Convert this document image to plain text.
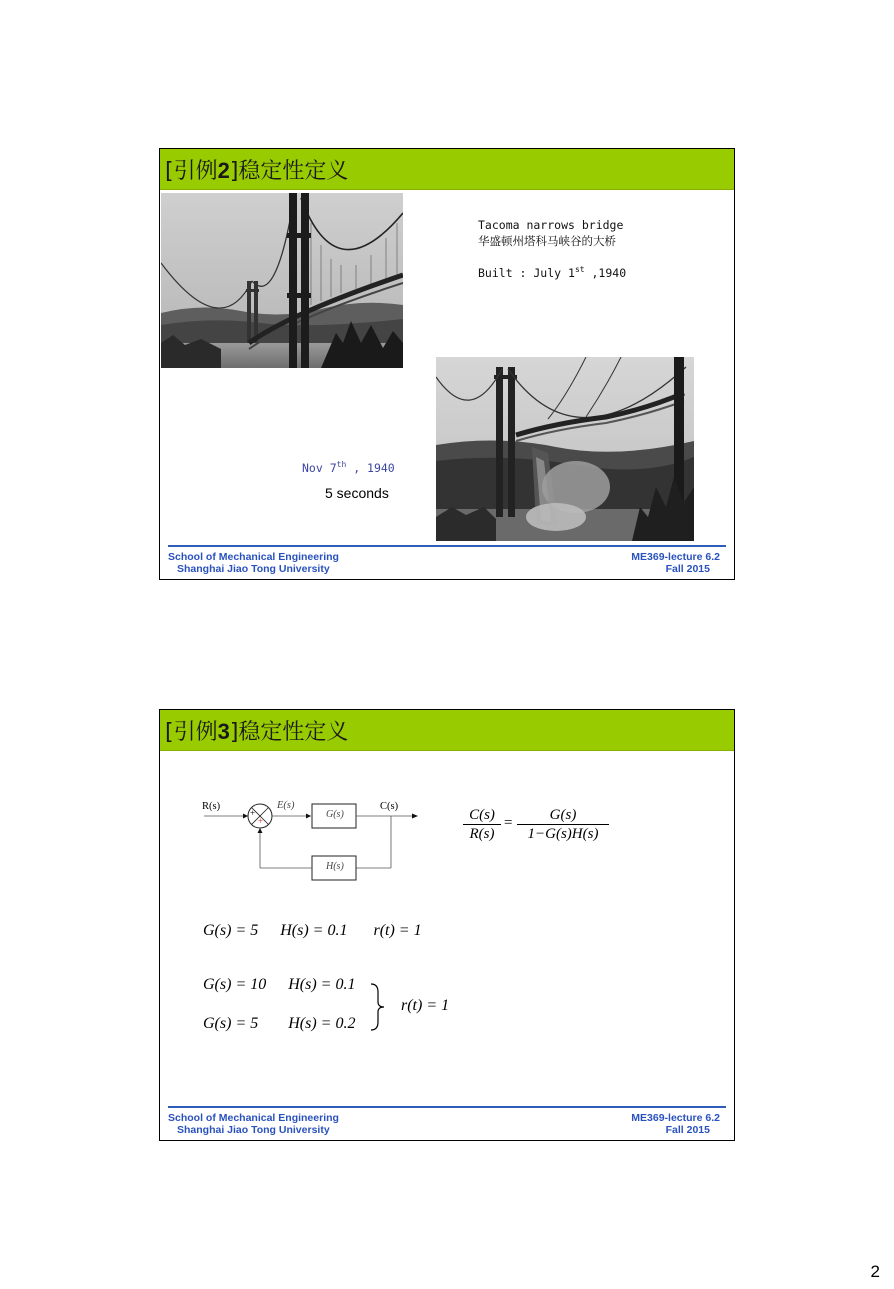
[引例2]稳定性定义
Tacoma narrows bridge
华盛顿州塔科马峡谷的大桥
Built : July 1st ,1940
Nov 7th , 1940
5 seconds
School of Mechanical Engineering
Shanghai Jiao Tong University
ME369-lecture 6.2
Fall 2015
[引例3]稳定性定义
R(s)	E(s)
+
+
G(s)
C(s)
H(s)
$\frac{C(s)}{R(s)} = \frac{G(s)}{1-G(s)H(s)}$
G(s) = 5 H(s) = 0.1 r(t) = 1
G(s) = 10 H(s) = 0.1
G(s) = 5 H(s) = 0.2
r(t) = 1
School of Mechanical Engineering
Shanghai Jiao Tong University
ME369-lecture 6.2
Fall 2015
2
